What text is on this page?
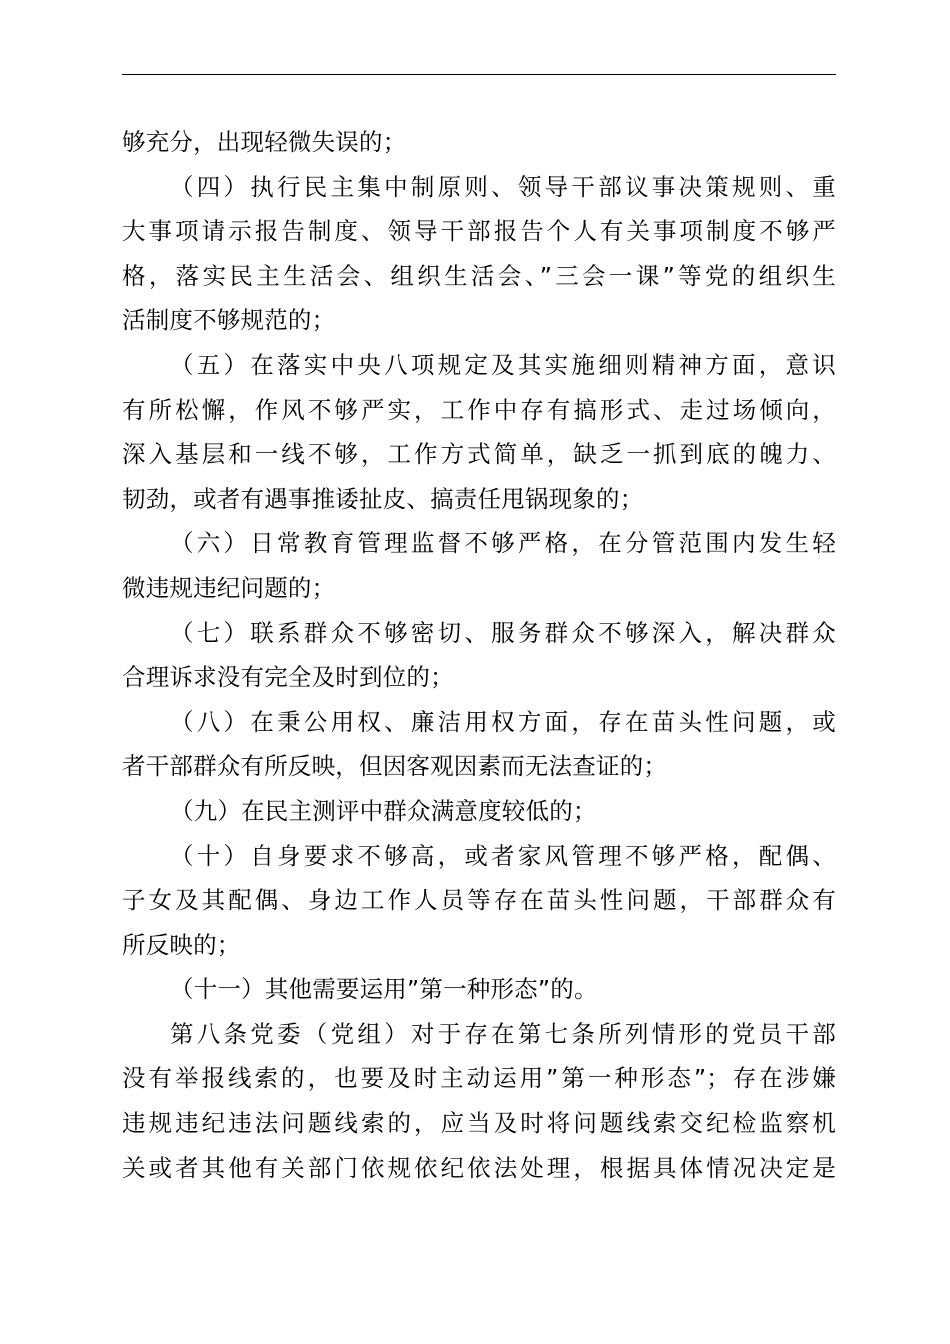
够充分，出现轻微失误的；
（四）执行民主集中制原则、领导干部议事决策规则、重
大事项请示报告制度、领导干部报告个人有关事项制度不够严
格，落实民主生活会、组织生活会、”三会一课”等党的组织生
活制度不够规范的；
（五）在落实中央八项规定及其实施细则精神方面，意识
有所松懈，作风不够严实，工作中存有搞形式、走过场倾向，
深入基层和一线不够，工作方式简单，缺乏一抓到底的魄力、
韧劲，或者有遇事推诿扯皮、搞责任甩锅现象的；
（六）日常教育管理监督不够严格，在分管范围内发生轻
微违规违纪问题的；
（七）联系群众不够密切、服务群众不够深入，解决群众
合理诉求没有完全及时到位的；
（八）在秉公用权、廉洁用权方面，存在苗头性问题，或
者干部群众有所反映，但因客观因素而无法查证的；
（九）在民主测评中群众满意度较低的；
（十）自身要求不够高，或者家风管理不够严格，配偶、
子女及其配偶、身边工作人员等存在苗头性问题，干部群众有
所反映的；
（十一）其他需要运用”第一种形态”的。
第八条党委（党组）对于存在第七条所列情形的党员干部
没有举报线索的，也要及时主动运用”第一种形态”；存在涉嫌
违规违纪违法问题线索的，应当及时将问题线索交纪检监察机
关或者其他有关部门依规依纪依法处理，根据具体情况决定是
